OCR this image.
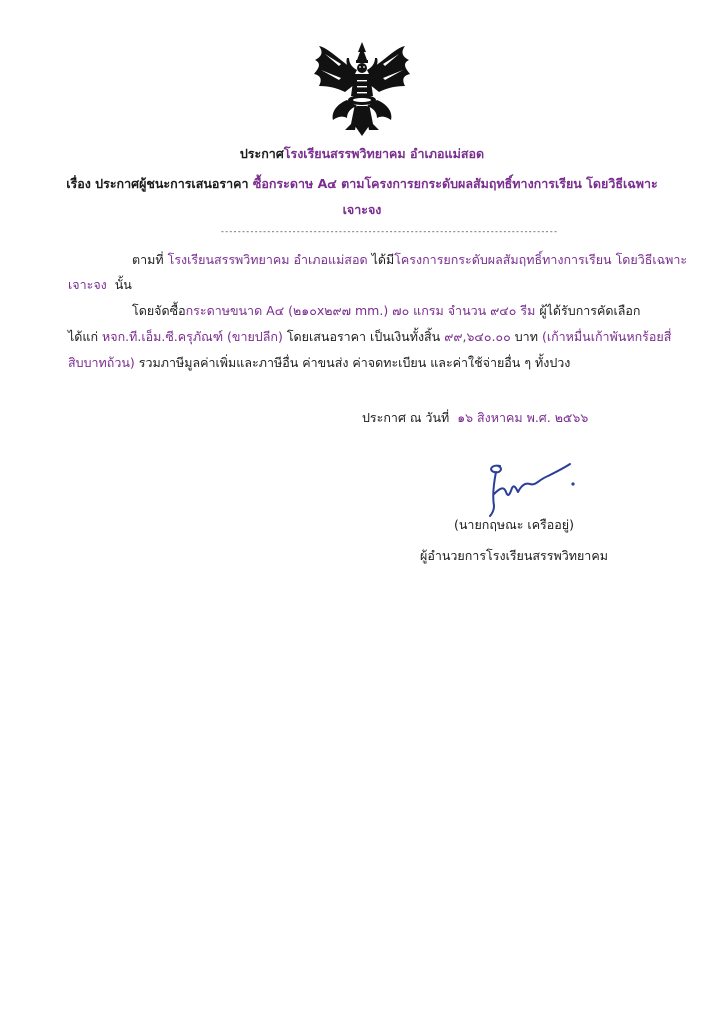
ประกาศโรงเรียนสรรพวิทยาคม อำเภอแม่สอด
เรื่อง ประกาศผู้ชนะการเสนอราคา ซื้อกระดาษ A๔ ตามโครงการยกระดับผลสัมฤทธิ์ทางการเรียน โดยวิธีเฉพาะ
เจาะจง
--------------------------------------------------------------------------------
ตามที่ โรงเรียนสรรพวิทยาคม อำเภอแม่สอด ได้มีโครงการยกระดับผลสัมฤทธิ์ทางการเรียน โดยวิธีเฉพาะ
เจาะจง นั้น
โดยจัดซื้อกระดาษขนาด A๔ (๒๑๐x๒๙๗ mm.) ๗๐ แกรม จำนวน ๙๔๐ รีม ผู้ได้รับการคัดเลือก
ได้แก่ หจก.ที.เอ็ม.ซี.ครุภัณฑ์ (ขายปลีก) โดยเสนอราคา เป็นเงินทั้งสิ้น ๙๙,๖๔๐.๐๐ บาท (เก้าหมื่นเก้าพันหกร้อยสี่
สิบบาทถ้วน) รวมภาษีมูลค่าเพิ่มและภาษีอื่น ค่าขนส่ง ค่าจดทะเบียน และค่าใช้จ่ายอื่น ๆ ทั้งปวง
ประกาศ ณ วันที่ ๑๖ สิงหาคม พ.ศ. ๒๕๖๖
(นายกฤษณะ เครืออยู่)
ผู้อำนวยการโรงเรียนสรรพวิทยาคม
